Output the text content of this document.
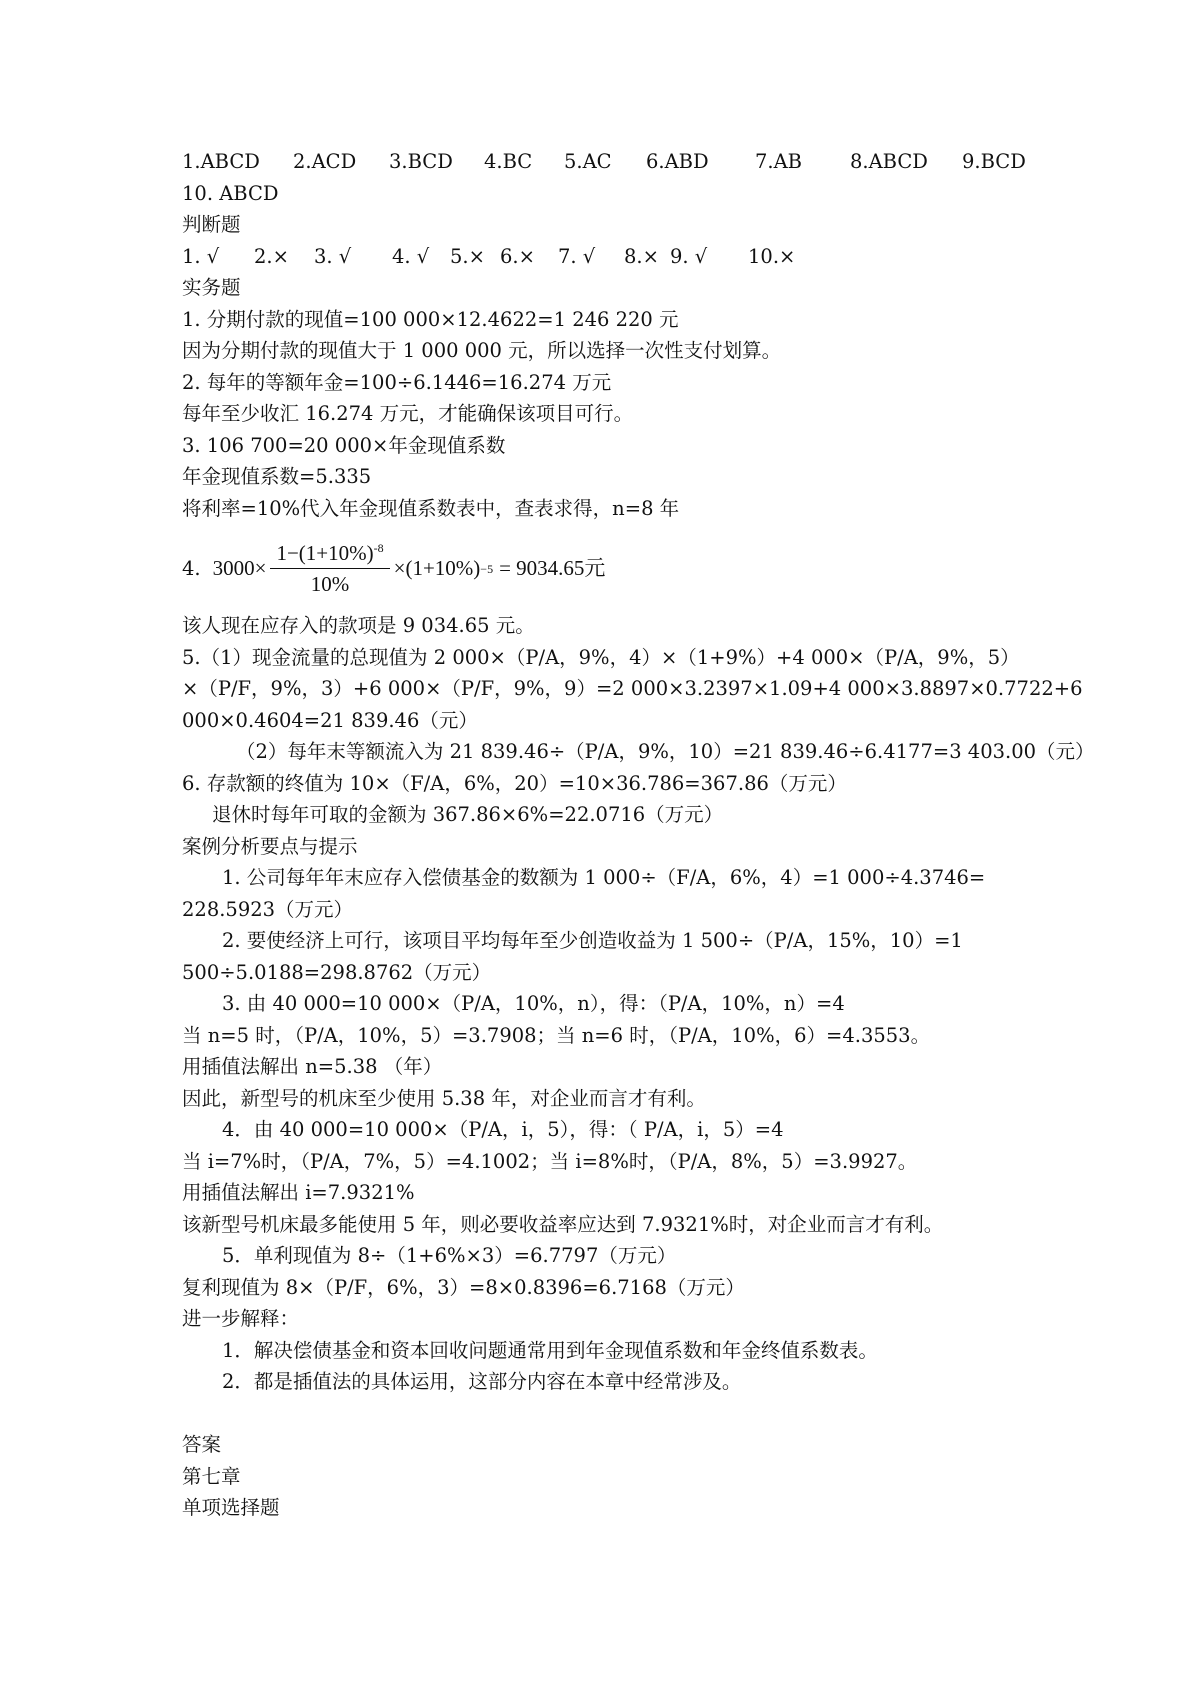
1.ABCD	2.ACD	3.BCD	4.BC	5.AC	6.ABD	7.AB	8.ABCD	9.BCD
10. ABCD
判断题
1. √	2.×	3. √	4. √	5.× 6.×	7. √	8.× 9. √	10.×
实务题
1. 分期付款的现值=100 000×12.4622=1 246 220 元
因为分期付款的现值大于 1 000 000 元，所以选择一次性支付划算。
2. 每年的等额年金=100÷6.1446=16.274 万元
每年至少收汇 16.274 万元，才能确保该项目可行。
3. 106 700=20 000×年金现值系数
年金现值系数=5.335
将利率=10%代入年金现值系数表中，查表求得，n=8 年
4. $3000\times \frac{1-(1+10\%)^{-8}}{10\%} \times(1+10\%) -5 = 9034.65$元
该人现在应存入的款项是 9 034.65 元。
5.（1）现金流量的总现值为 2 000×（P/A，9%，4）×（1+9%）+4 000×（P/A，9%，5）
×（P/F，9%，3）+6 000×（P/F，9%，9）=2 000×3.2397×1.09+4 000×3.8897×0.7722+6
000×0.4604=21 839.46（元）
（2）每年末等额流入为 21 839.46÷（P/A，9%，10）=21 839.46÷6.4177=3 403.00（元）
6. 存款额的终值为 10×（F/A，6%，20）=10×36.786=367.86（万元）
退休时每年可取的金额为 367.86×6%=22.0716（万元）
案例分析要点与提示
1. 公司每年年末应存入偿债基金的数额为 1 000÷（F/A，6%，4）=1 000÷4.3746=
228.5923（万元）
2. 要使经济上可行，该项目平均每年至少创造收益为 1 500÷（P/A，15%，10）=1
500÷5.0188=298.8762（万元）
3. 由 40 000=10 000×（P/A，10%，n），得：（P/A，10%，n）=4
当 n=5 时，（P/A，10%，5）=3.7908；当 n=6 时，（P/A，10%，6）=4.3553。
用插值法解出 n=5.38 （年）
因此，新型号的机床至少使用 5.38 年，对企业而言才有利。
4．由 40 000=10 000×（P/A，i，5），得：（ P/A，i，5）=4
当 i=7%时，（P/A，7%，5）=4.1002；当 i=8%时，（P/A，8%，5）=3.9927。
用插值法解出 i=7.9321%
该新型号机床最多能使用 5 年，则必要收益率应达到 7.9321%时，对企业而言才有利。
5．单利现值为 8÷（1+6%×3）=6.7797（万元）
复利现值为 8×（P/F，6%，3）=8×0.8396=6.7168（万元）
进一步解释：
1．解决偿债基金和资本回收问题通常用到年金现值系数和年金终值系数表。
2．都是插值法的具体运用，这部分内容在本章中经常涉及。
答案
第七章
单项选择题
